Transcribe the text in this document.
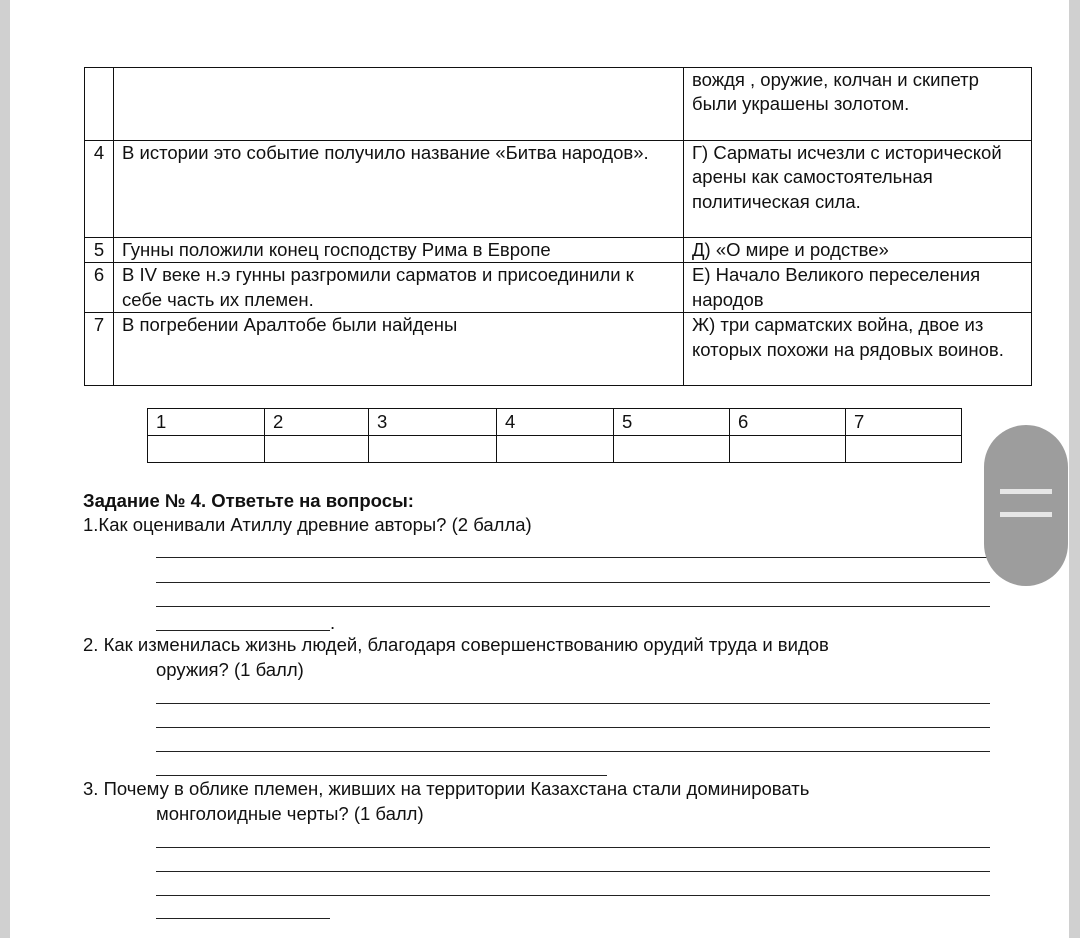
		вождя , оружие, колчан и скипетр были украшены золотом.
4	В истории это событие получило название «Битва народов».	Г) Сарматы исчезли с исторической арены как самостоятельная политическая сила.
5	Гунны положили конец господству Рима в Европе	Д) «О мире и родстве»
6	В IV веке н.э гунны разгромили сарматов и присоединили к себе часть их племен.	Е) Начало Великого переселения народов
7	В погребении Аралтобе были найдены	Ж) три сарматских война, двое из которых похожи на рядовых воинов.
1	2	3	4	5	6	7

Задание № 4. Ответьте на вопросы:
1.Как оценивали Атиллу древние авторы? (2 балла)
.
2. Как изменилась жизнь людей, благодаря совершенствованию орудий труда и видов
оружия? (1 балл)
3. Почему в облике племен, живших на территории Казахстана стали доминировать
монголоидные черты? (1 балл)
